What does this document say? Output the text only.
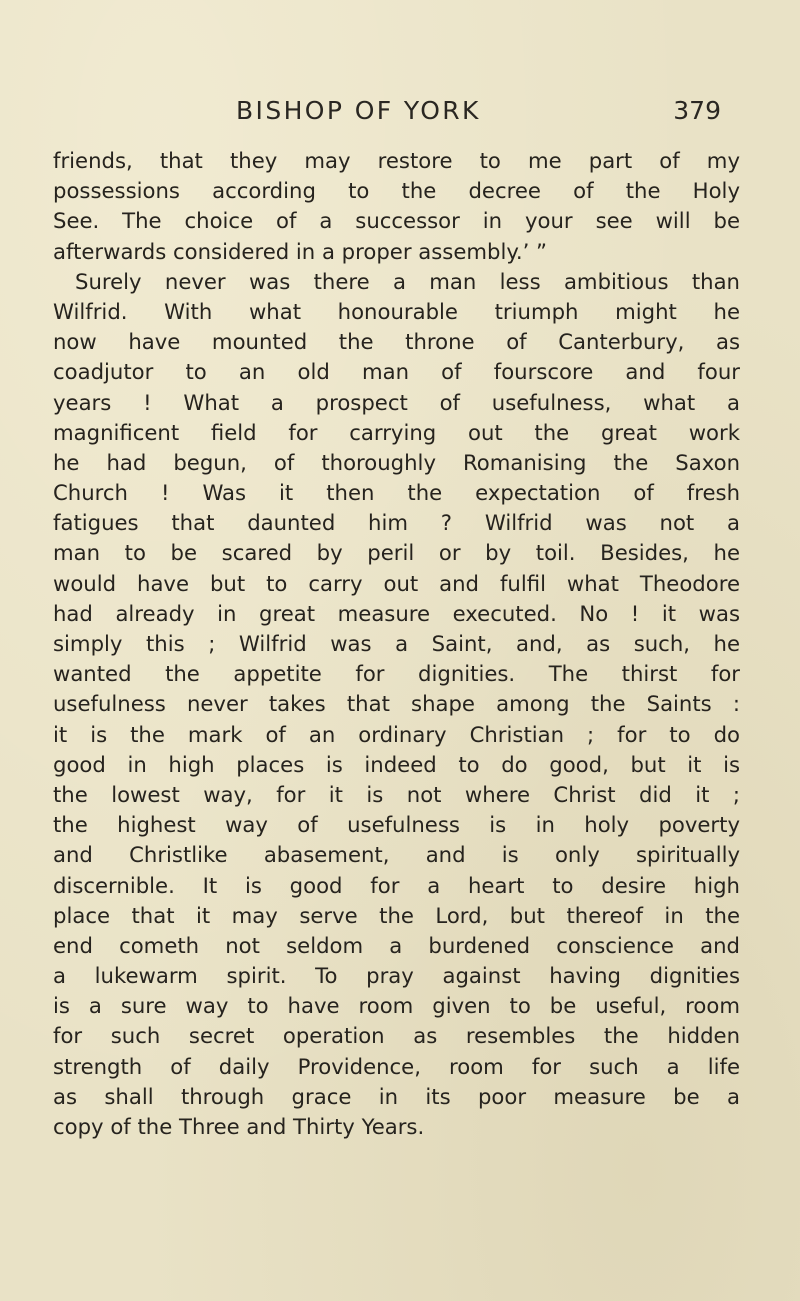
BISHOP OF YORK	379
friends, that they may restore to me part of my
possessions according to the decree of the Holy
See. The choice of a successor in your see will be
afterwards considered in a proper assembly.’ ”
Surely never was there a man less ambitious than
Wilfrid. With what honourable triumph might he
now have mounted the throne of Canterbury, as
coadjutor to an old man of fourscore and four
years ! What a prospect of usefulness, what a
magnificent field for carrying out the great work
he had begun, of thoroughly Romanising the Saxon
Church ! Was it then the expectation of fresh
fatigues that daunted him ? Wilfrid was not a
man to be scared by peril or by toil. Besides, he
would have but to carry out and fulfil what Theodore
had already in great measure executed. No ! it was
simply this ; Wilfrid was a Saint, and, as such, he
wanted the appetite for dignities. The thirst for
usefulness never takes that shape among the Saints :
it is the mark of an ordinary Christian ; for to do
good in high places is indeed to do good, but it is
the lowest way, for it is not where Christ did it ;
the highest way of usefulness is in holy poverty
and Christlike abasement, and is only spiritually
discernible. It is good for a heart to desire high
place that it may serve the Lord, but thereof in the
end cometh not seldom a burdened conscience and
a lukewarm spirit. To pray against having dignities
is a sure way to have room given to be useful, room
for such secret operation as resembles the hidden
strength of daily Providence, room for such a life
as shall through grace in its poor measure be a
copy of the Three and Thirty Years.
